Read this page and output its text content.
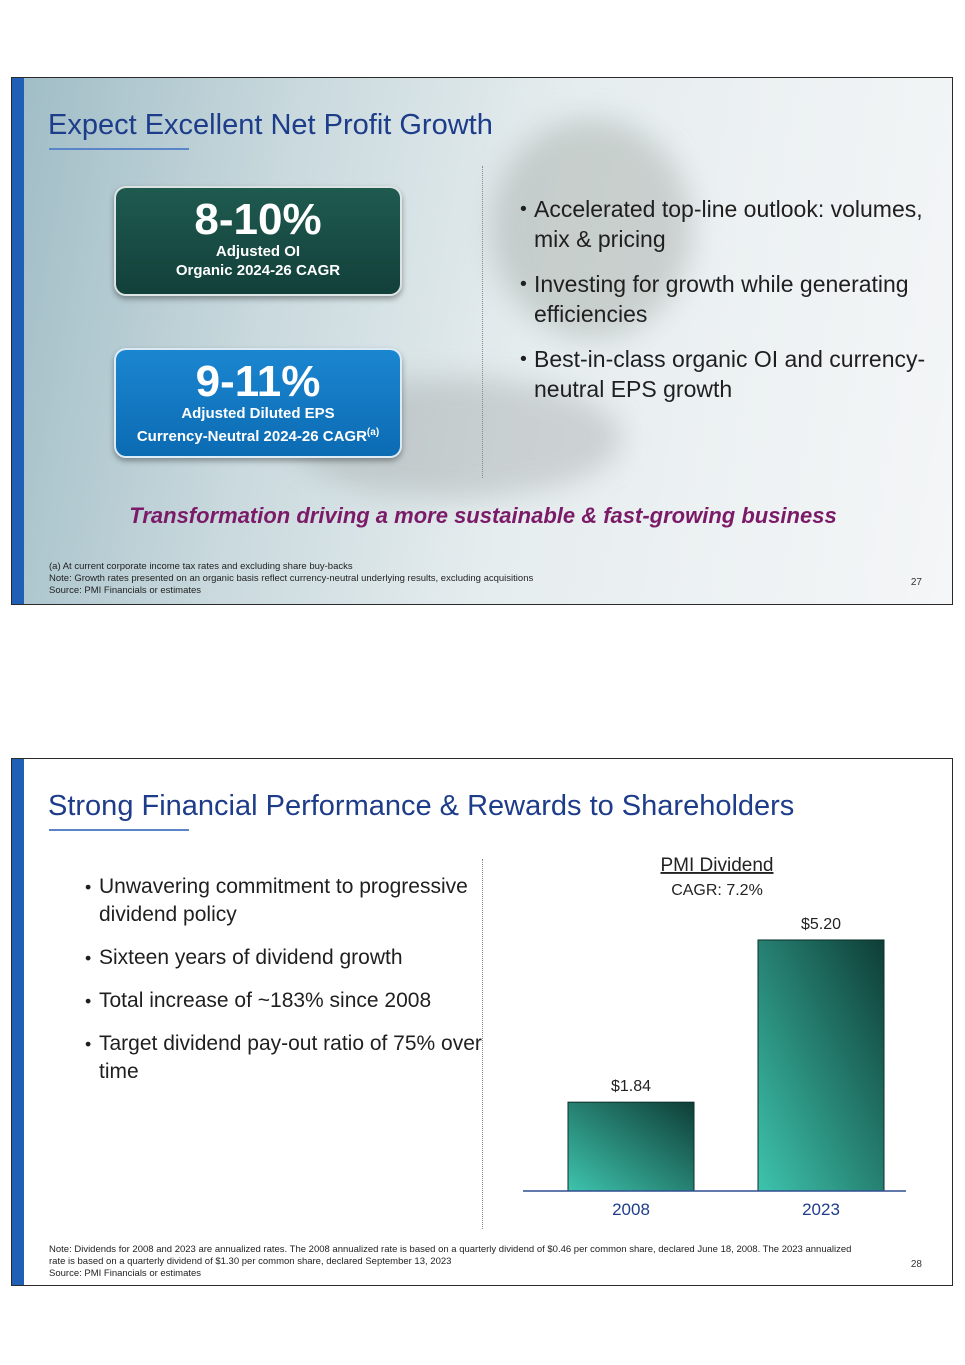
Expect Excellent Net Profit Growth
8-10%
Adjusted OI
Organic 2024-26 CAGR
9-11%
Adjusted Diluted EPS
Currency-Neutral 2024-26 CAGR$^{(a)}$
• Accelerated top-line outlook: volumes, mix & pricing
• Investing for growth while generating efficiencies
• Best-in-class organic OI and currency-neutral EPS growth

Transformation driving a more sustainable & fast-growing business

(a) At current corporate income tax rates and excluding share buy-backs

Note: Growth rates presented on an organic basis reflect currency-neutral underlying results, excluding acquisitions

Source: PMI Financials or estimates

27
Strong Financial Performance & Rewards to Shareholders
• Unwavering commitment to progressive dividend policy
• Sixteen years of dividend growth
• Total increase of ~183% since 2008
• Target dividend pay-out ratio of 75% over time
PMI Dividend
CAGR: 7.2%
$1.84
2008
$5.20
2023

Note: Dividends for 2008 and 2023 are annualized rates. The 2008 annualized rate is based on a quarterly dividend of $0.46 per common share, declared June 18, 2008. The 2023 annualized rate is based on a quarterly dividend of $1.30 per common share, declared September 13, 2023

Source: PMI Financials or estimates

28
